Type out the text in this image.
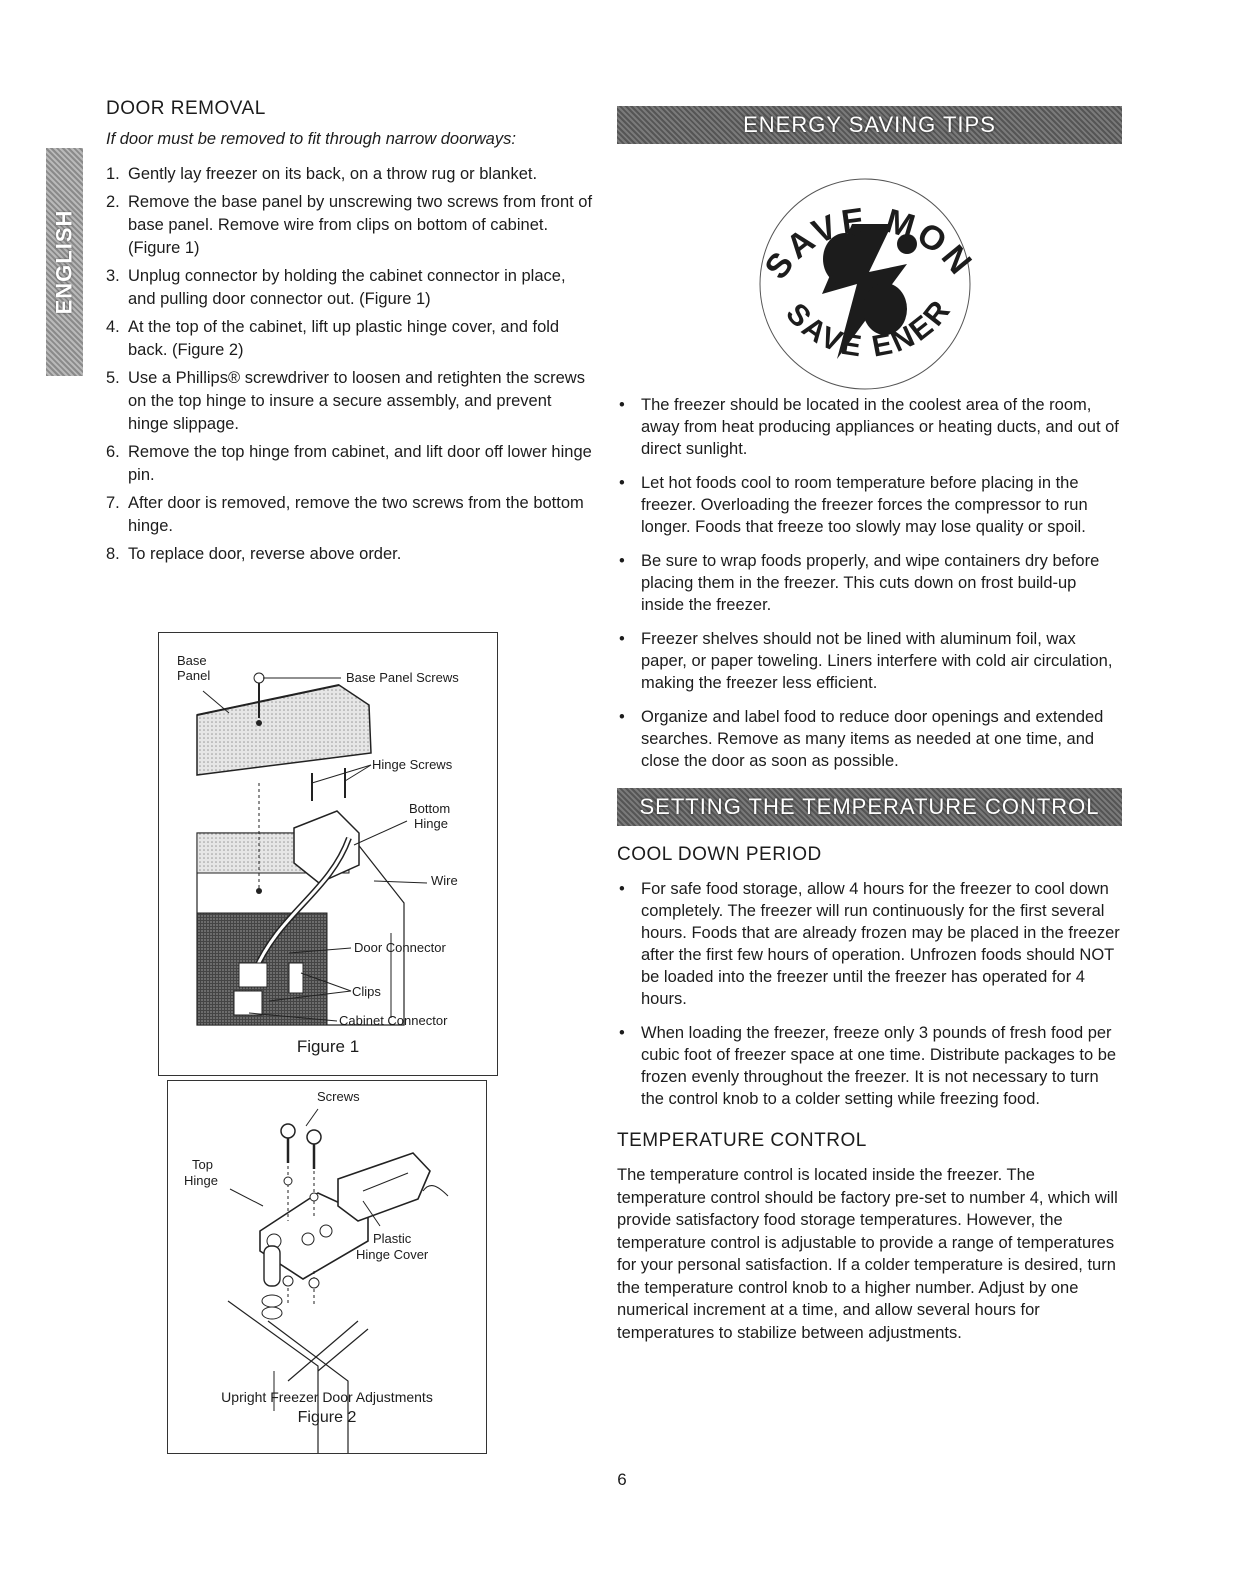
ENGLISH
DOOR REMOVAL
If door must be removed to fit through narrow doorways:
1. Gently lay freezer on its back, on a throw rug or blanket.
2. Remove the base panel by unscrewing two screws from front of base panel. Remove wire from clips on bottom of cabinet. (Figure 1)
3. Unplug connector by holding the cabinet connector in place, and pulling door connector out. (Figure 1)
4. At the top of the cabinet, lift up plastic hinge cover, and fold back. (Figure 2)
5. Use a Phillips® screwdriver to loosen and retighten the screws on the top hinge to insure a secure assembly, and prevent hinge slippage.
6. Remove the top hinge from cabinet, and lift door off lower hinge pin.
7. After door is removed, remove the two screws from the bottom hinge.
8. To replace door, reverse above order.
Base
Panel	Base Panel Screws
Hinge Screws
Bottom
Hinge
Wire
Door Connector
Clips
Cabinet Connector
Figure 1
Screws
Top
Hinge
Plastic
Hinge Cover
Upright Freezer Door Adjustments
Figure 2
ENERGY SAVING TIPS
SAVE MON
SAVE ENER
• The freezer should be located in the coolest area of the room, away from heat producing appliances or heating ducts, and out of direct sunlight.
• Let hot foods cool to room temperature before placing in the freezer. Overloading the freezer forces the compressor to run longer. Foods that freeze too slowly may lose quality or spoil.
• Be sure to wrap foods properly, and wipe containers dry before placing them in the freezer. This cuts down on frost build-up inside the freezer.
• Freezer shelves should not be lined with aluminum foil, wax paper, or paper toweling. Liners interfere with cold air circulation, making the freezer less efficient.
• Organize and label food to reduce door openings and extended searches. Remove as many items as needed at one time, and close the door as soon as possible.
SETTING THE TEMPERATURE CONTROL
COOL DOWN PERIOD
• For safe food storage, allow 4 hours for the freezer to cool down completely. The freezer will run continuously for the first several hours. Foods that are already frozen may be placed in the freezer after the first few hours of operation. Unfrozen foods should NOT be loaded into the freezer until the freezer has operated for 4 hours.
• When loading the freezer, freeze only 3 pounds of fresh food per cubic foot of freezer space at one time. Distribute packages to be frozen evenly throughout the freezer. It is not necessary to turn the control knob to a colder setting while freezing food.
TEMPERATURE CONTROL

The temperature control is located inside the freezer. The temperature control should be factory pre-set to number 4, which will provide satisfactory food storage temperatures. However, the temperature control is adjustable to provide a range of temperatures for your personal satisfaction. If a colder temperature is desired, turn the temperature control knob to a higher number. Adjust by one numerical increment at a time, and allow several hours for temperatures to stabilize between adjustments.

6
